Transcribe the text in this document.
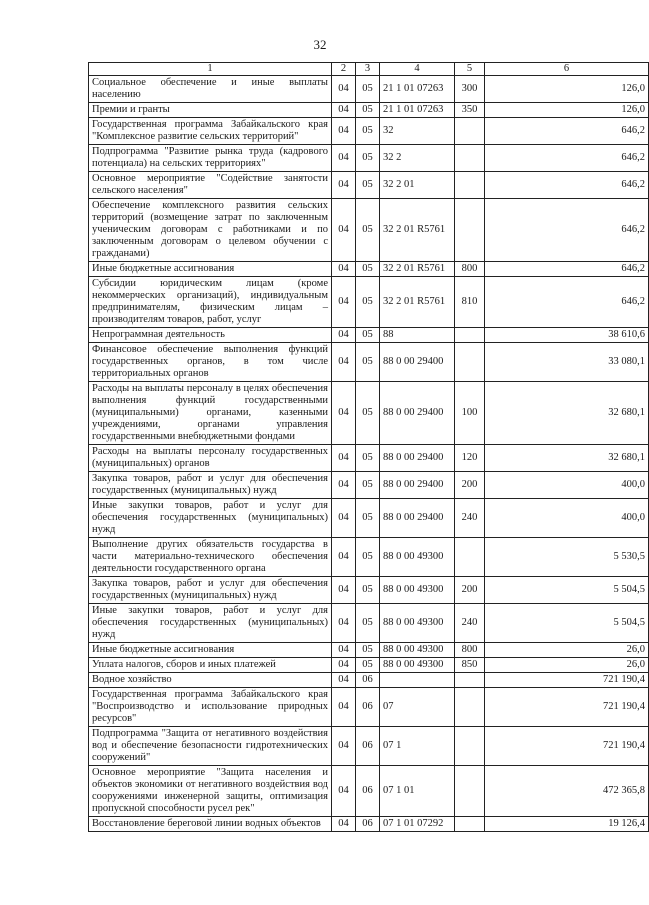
32
1	2	3	4	5	6
Социальное обеспечение и иные выплаты населению	04	05	21 1 01 07263	300	126,0
Премии и гранты	04	05	21 1 01 07263	350	126,0
Государственная программа Забайкальского края "Комплексное развитие сельских территорий"	04	05	32		646,2
Подпрограмма "Развитие рынка труда (кадрового потенциала) на сельских территориях"	04	05	32 2		646,2
Основное мероприятие "Содействие занятости сельского населения"	04	05	32 2 01		646,2
Обеспечение комплексного развития сельских территорий (возмещение затрат по заключенным ученическим договорам с работниками и по заключенным договорам о целевом обучении с гражданами)	04	05	32 2 01 R5761		646,2
Иные бюджетные ассигнования	04	05	32 2 01 R5761	800	646,2
Субсидии юридическим лицам (кроме некоммерческих организаций), индивидуальным предпринимателям, физическим лицам – производителям товаров, работ, услуг	04	05	32 2 01 R5761	810	646,2
Непрограммная деятельность	04	05	88		38 610,6
Финансовое обеспечение выполнения функций государственных органов, в том числе территориальных органов	04	05	88 0 00 29400		33 080,1
Расходы на выплаты персоналу в целях обеспечения выполнения функций государственными (муниципальными) органами, казенными учреждениями, органами управления государственными внебюджетными фондами	04	05	88 0 00 29400	100	32 680,1
Расходы на выплаты персоналу государственных (муниципальных) органов	04	05	88 0 00 29400	120	32 680,1
Закупка товаров, работ и услуг для обеспечения государственных (муниципальных) нужд	04	05	88 0 00 29400	200	400,0
Иные закупки товаров, работ и услуг для обеспечения государственных (муниципальных) нужд	04	05	88 0 00 29400	240	400,0
Выполнение других обязательств государства в части материально-технического обеспечения деятельности государственного органа	04	05	88 0 00 49300		5 530,5
Закупка товаров, работ и услуг для обеспечения государственных (муниципальных) нужд	04	05	88 0 00 49300	200	5 504,5
Иные закупки товаров, работ и услуг для обеспечения государственных (муниципальных) нужд	04	05	88 0 00 49300	240	5 504,5
Иные бюджетные ассигнования	04	05	88 0 00 49300	800	26,0
Уплата налогов, сборов и иных платежей	04	05	88 0 00 49300	850	26,0
Водное хозяйство	04	06			721 190,4
Государственная программа Забайкальского края "Воспроизводство и использование природных ресурсов"	04	06	07		721 190,4
Подпрограмма "Защита от негативного воздействия вод и обеспечение безопасности гидротехнических сооружений"	04	06	07 1		721 190,4
Основное мероприятие "Защита населения и объектов экономики от негативного воздействия вод сооружениями инженерной защиты, оптимизация пропускной способности русел рек"	04	06	07 1 01		472 365,8
Восстановление береговой линии водных объектов	04	06	07 1 01 07292		19 126,4
